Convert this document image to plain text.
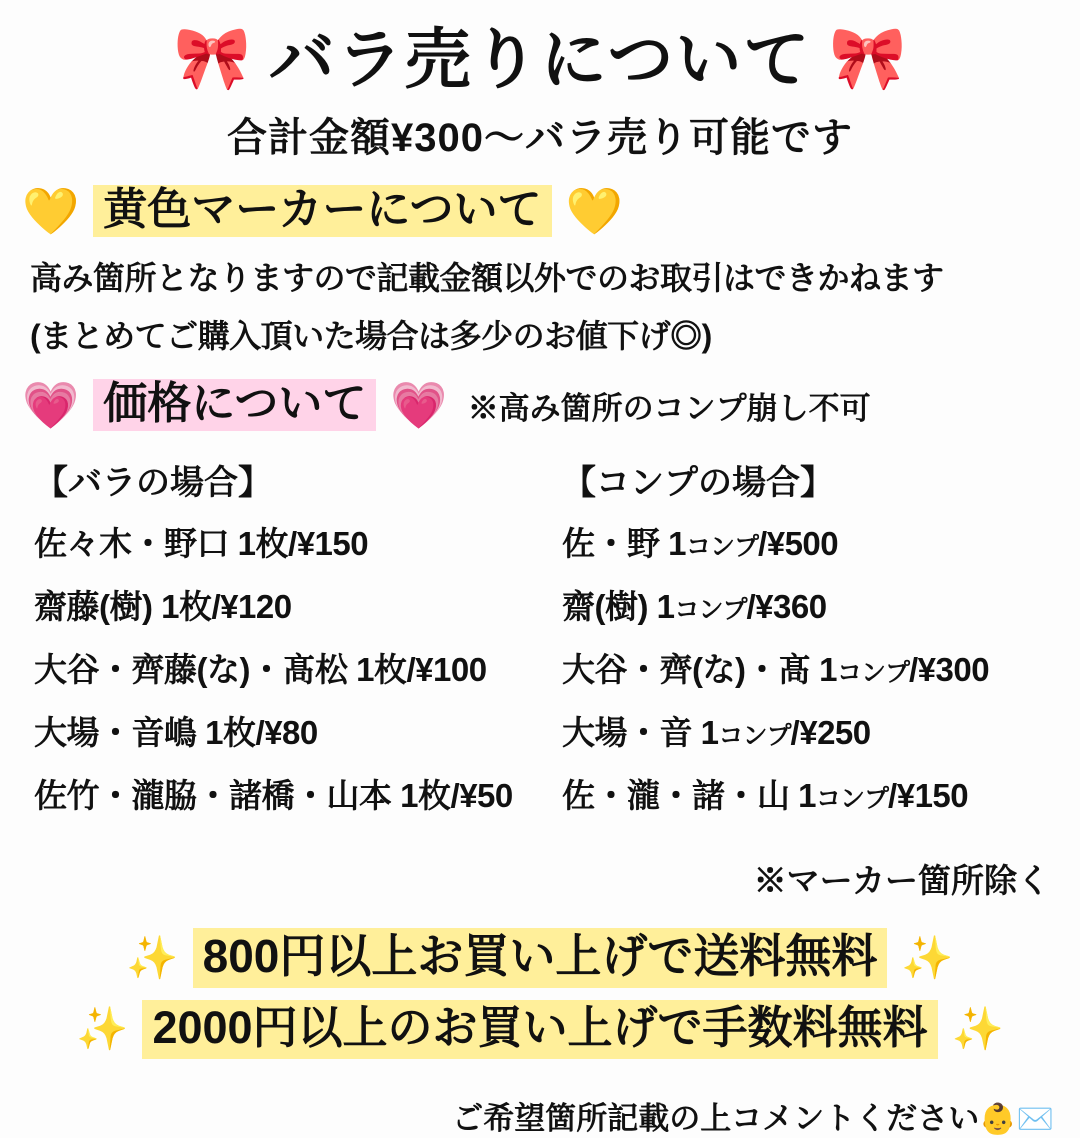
🎀 バラ売りについて 🎀
合計金額¥300〜バラ売り可能です
💛 黄色マーカーについて 💛
高み箇所となりますので記載金額以外でのお取引はできかねます
(まとめてご購入頂いた場合は多少のお値下げ◎)
💗 価格について 💗 ※高み箇所のコンプ崩し不可
【バラの場合】
佐々木・野口 1枚/¥150
齋藤(樹) 1枚/¥120
大谷・齊藤(な)・髙松 1枚/¥100
大場・音嶋 1枚/¥80
佐竹・瀧脇・諸橋・山本 1枚/¥50
【コンプの場合】
佐・野 1コンプ/¥500
齋(樹) 1コンプ/¥360
大谷・齊(な)・髙 1コンプ/¥300
大場・音 1コンプ/¥250
佐・瀧・諸・山 1コンプ/¥150
※マーカー箇所除く
✨ 800円以上お買い上げで送料無料 ✨
✨ 2000円以上のお買い上げで手数料無料 ✨
ご希望箇所記載の上コメントください👶✉️
